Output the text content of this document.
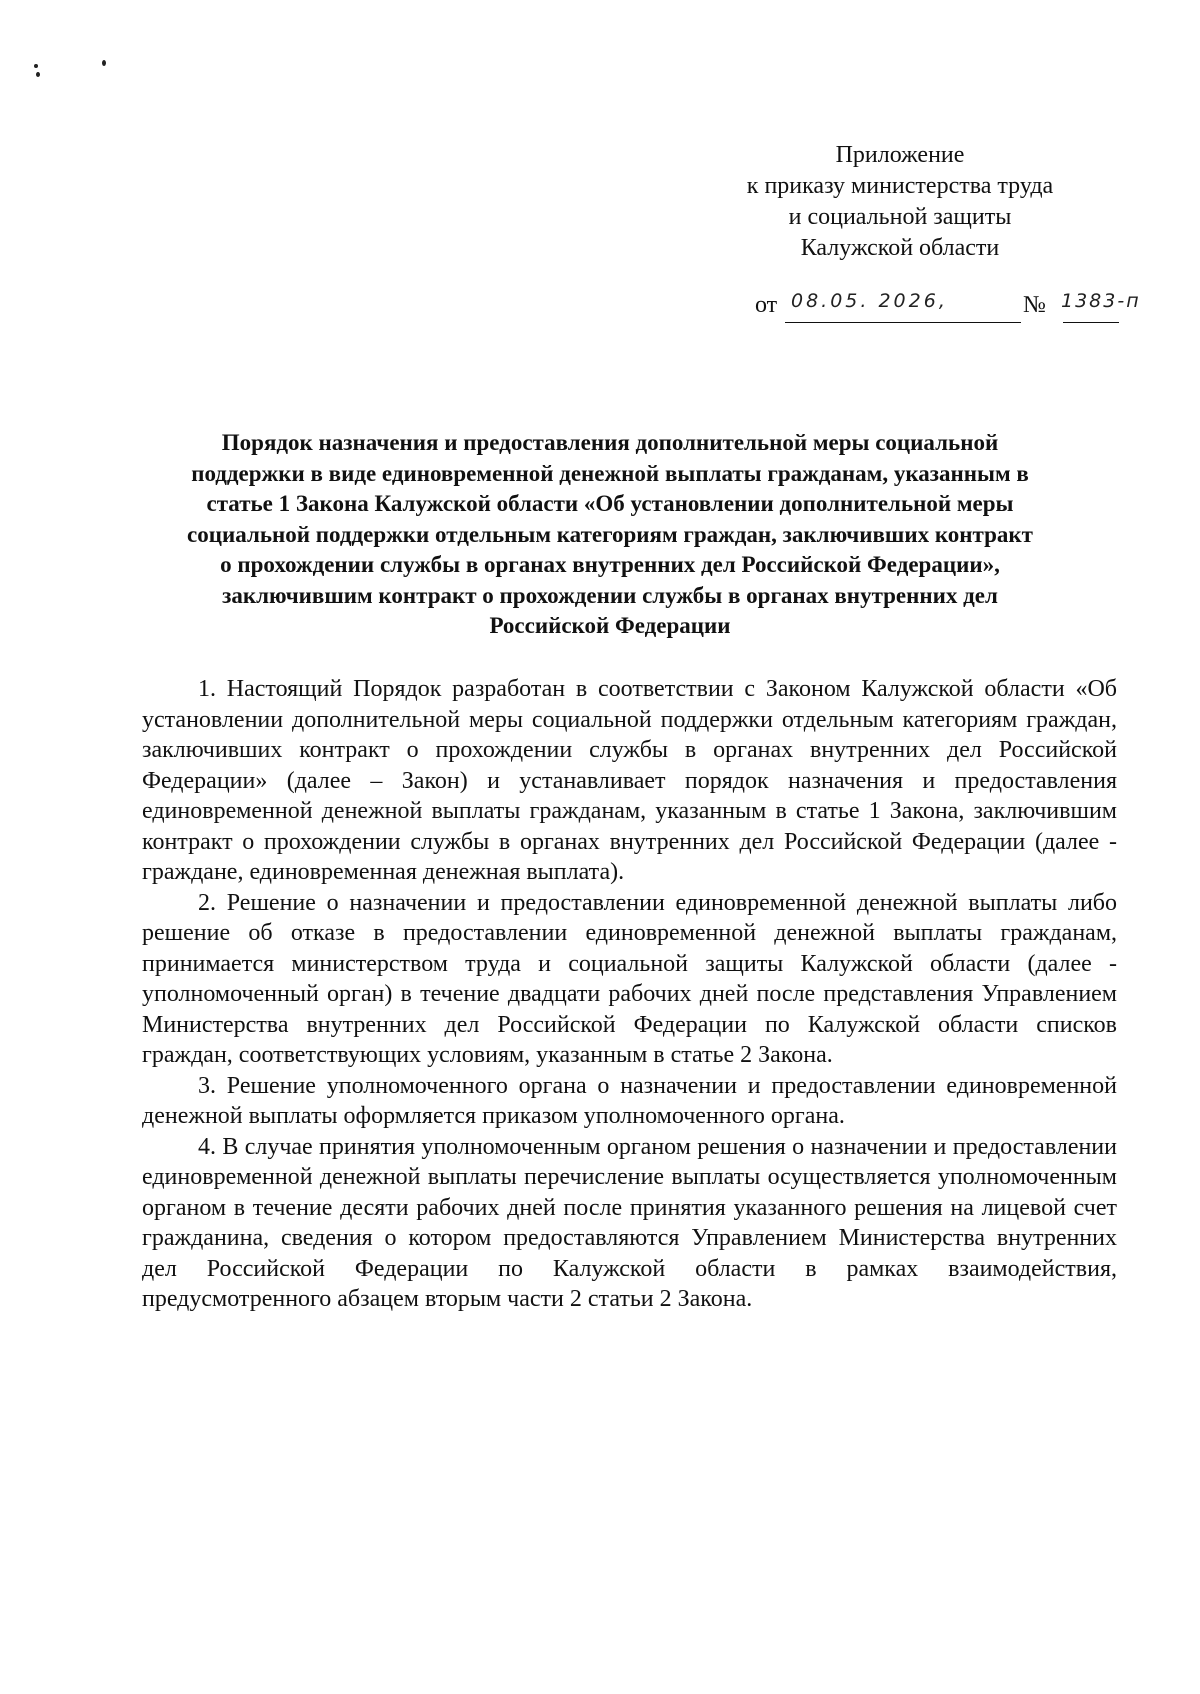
Приложение
к приказу министерства труда
и социальной защиты
Калужской области
от 08.05. 2026,	№ 1383-п
Порядок назначения и предоставления дополнительной меры социальной
поддержки в виде единовременной денежной выплаты гражданам, указанным в
статье 1 Закона Калужской области «Об установлении дополнительной меры
социальной поддержки отдельным категориям граждан, заключивших контракт
о прохождении службы в органах внутренних дел Российской Федерации»,
заключившим контракт о прохождении службы в органах внутренних дел
Российской Федерации

1. Настоящий Порядок разработан в соответствии с Законом Калужской области «Об установлении дополнительной меры социальной поддержки отдельным категориям граждан, заключивших контракт о прохождении службы в органах внутренних дел Российской Федерации» (далее – Закон) и устанавливает порядок назначения и предоставления единовременной денежной выплаты гражданам, указанным в статье 1 Закона, заключившим контракт о прохождении службы в органах внутренних дел Российской Федерации (далее - граждане, единовременная денежная выплата).

2. Решение о назначении и предоставлении единовременной денежной выплаты либо решение об отказе в предоставлении единовременной денежной выплаты гражданам, принимается министерством труда и социальной защиты Калужской области (далее - уполномоченный орган) в течение двадцати рабочих дней после представления Управлением Министерства внутренних дел Российской Федерации по Калужской области списков граждан, соответствующих условиям, указанным в статье 2 Закона.

3. Решение уполномоченного органа о назначении и предоставлении единовременной денежной выплаты оформляется приказом уполномоченного органа.

4. В случае принятия уполномоченным органом решения о назначении и предоставлении единовременной денежной выплаты перечисление выплаты осуществляется уполномоченным органом в течение десяти рабочих дней после принятия указанного решения на лицевой счет гражданина, сведения о котором предоставляются Управлением Министерства внутренних дел Российской Федерации по Калужской области в рамках взаимодействия, предусмотренного абзацем вторым части 2 статьи 2 Закона.
